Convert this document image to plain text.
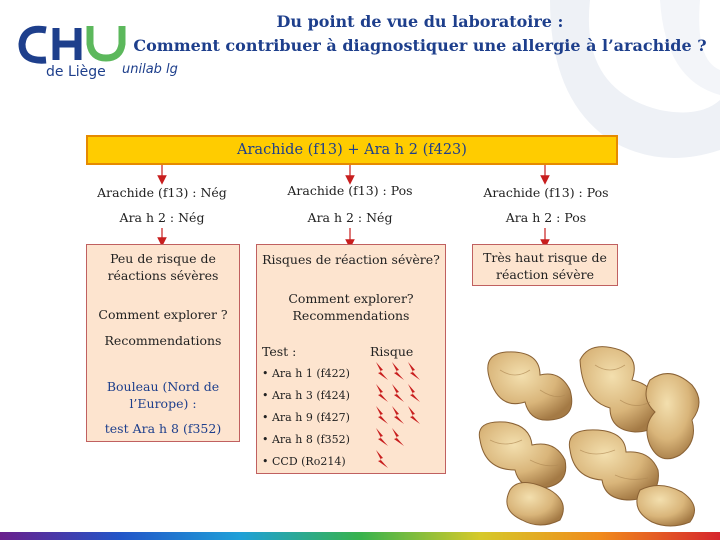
de Liège unilab lg
Du point de vue du laboratoire :
Comment contribuer à diagnostiquer une allergie à l’arachide ?
Arachide (f13) + Ara h 2 (f423)
Arachide (f13) : Nég
Ara h 2 : Nég
Arachide (f13) : Pos
Ara h 2 : Nég
Arachide (f13) : Pos
Ara h 2 : Pos
Peu de risque de réactions sévères
Comment explorer ?
Recommendations
Bouleau (Nord de l’Europe) :
test Ara h 8 (f352)
Risques de réaction sévère?
Comment explorer?
Recommendations
Test :	Risque
• Ara h 1 (f422)
• Ara h 3 (f424)
• Ara h 9 (f427)
• Ara h 8 (f352)
• CCD (Ro214)
Très haut risque de réaction sévère
